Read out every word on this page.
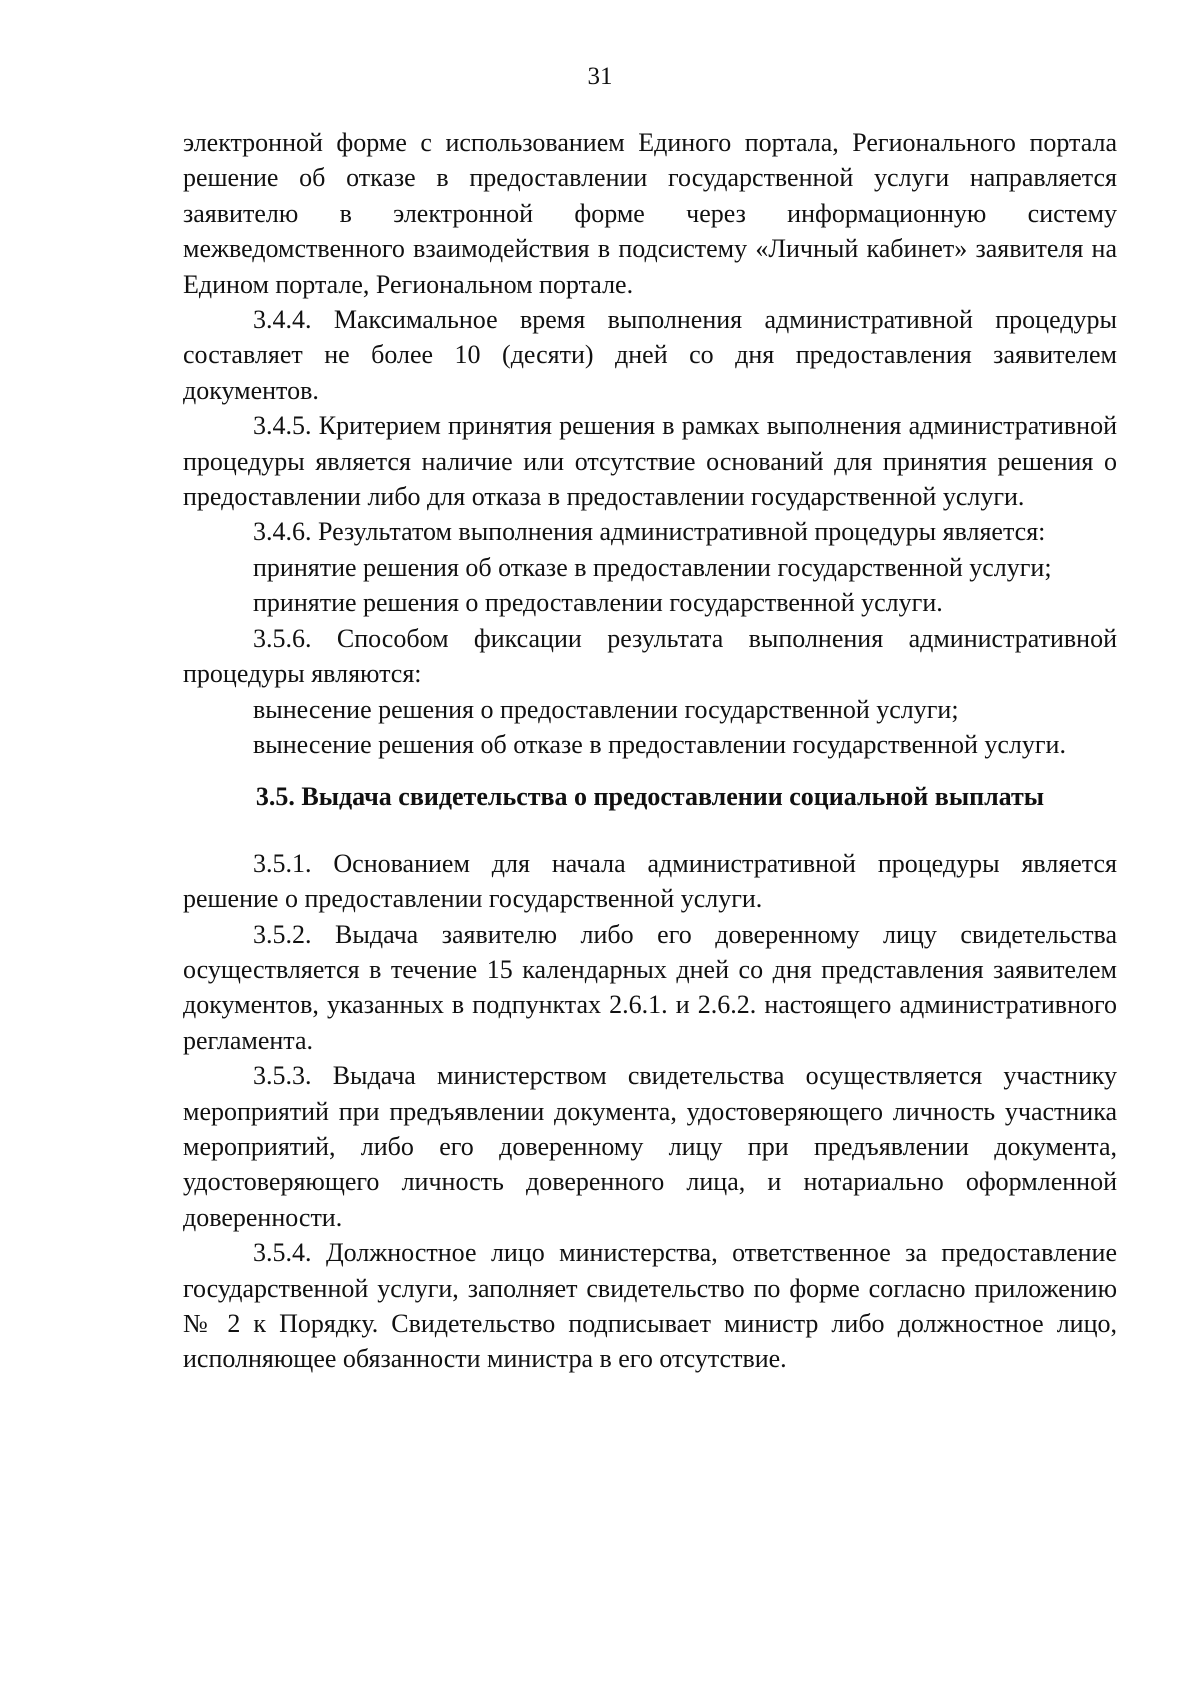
31

электронной форме с использованием Единого портала, Регионального портала решение об отказе в предоставлении государственной услуги направляется заявителю в электронной форме через информационную систему межведомственного взаимодействия в подсистему «Личный кабинет» заявителя на Едином портале, Региональном портале.

3.4.4. Максимальное время выполнения административной процедуры составляет не более 10 (десяти) дней со дня предоставления заявителем документов.

3.4.5. Критерием принятия решения в рамках выполнения административной процедуры является наличие или отсутствие оснований для принятия решения о предоставлении либо для отказа в предоставлении государственной услуги.

3.4.6. Результатом выполнения административной процедуры является:

принятие решения об отказе в предоставлении государственной услуги;

принятие решения о предоставлении государственной услуги.

3.5.6. Способом фиксации результата выполнения административной процедуры являются:

вынесение решения о предоставлении государственной услуги;

вынесение решения об отказе в предоставлении государственной услуги.

3.5. Выдача свидетельства о предоставлении социальной выплаты

3.5.1. Основанием для начала административной процедуры является решение о предоставлении государственной услуги.

3.5.2. Выдача заявителю либо его доверенному лицу свидетельства осуществляется в течение 15 календарных дней со дня представления заявителем документов, указанных в подпунктах 2.6.1. и 2.6.2. настоящего административного регламента.

3.5.3. Выдача министерством свидетельства осуществляется участнику мероприятий при предъявлении документа, удостоверяющего личность участника мероприятий, либо его доверенному лицу при предъявлении документа, удостоверяющего личность доверенного лица, и нотариально оформленной доверенности.

3.5.4. Должностное лицо министерства, ответственное за предоставление государственной услуги, заполняет свидетельство по форме согласно приложению № 2 к Порядку. Свидетельство подписывает министр либо должностное лицо, исполняющее обязанности министра в его отсутствие.
